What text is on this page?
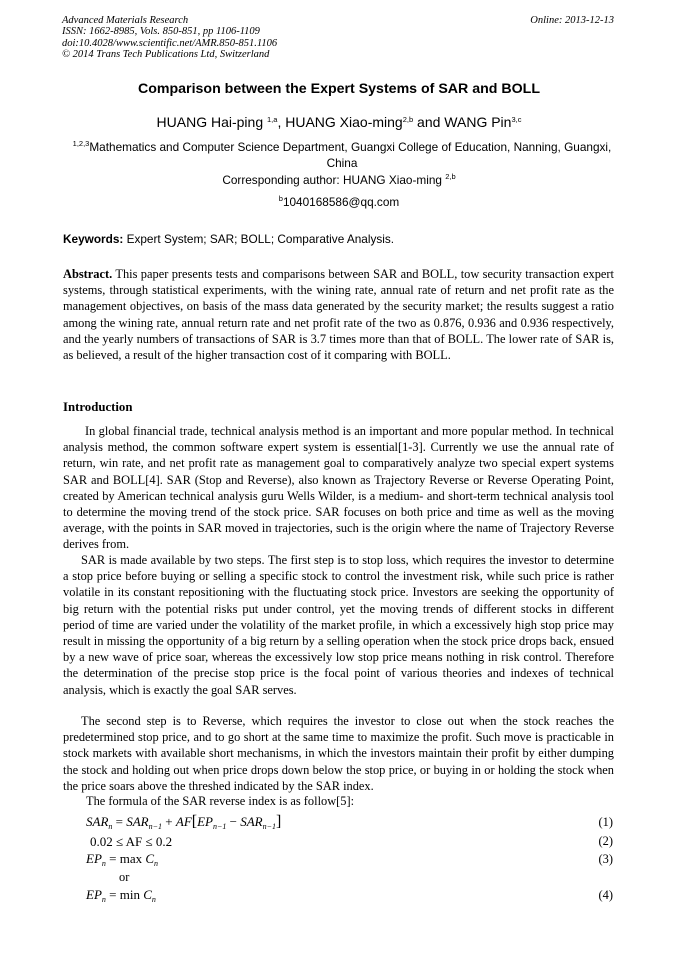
Advanced Materials Research
ISSN: 1662-8985, Vols. 850-851, pp 1106-1109
doi:10.4028/www.scientific.net/AMR.850-851.1106
© 2014 Trans Tech Publications Ltd, Switzerland
Online: 2013-12-13
Comparison between the Expert Systems of SAR and BOLL
HUANG Hai-ping $^{1,a}$, HUANG Xiao-ming$^{2,b}$ and WANG Pin$^{3,c}$
$^{1,2,3}$Mathematics and Computer Science Department, Guangxi College of Education, Nanning, Guangxi, China
Corresponding author: HUANG Xiao-ming $^{2,b}$
$^b$1040168586@qq.com
Keywords: Expert System; SAR; BOLL; Comparative Analysis.

Abstract. This paper presents tests and comparisons between SAR and BOLL, tow security transaction expert systems, through statistical experiments, with the wining rate, annual rate of return and net profit rate as the management objectives, on basis of the mass data generated by the security market; the results suggest a ratio among the wining rate, annual return rate and net profit rate of the two as 0.876, 0.936 and 0.936 respectively, and the yearly numbers of transactions of SAR is 3.7 times more than that of BOLL. The lower rate of SAR is, as believed, a result of the higher transaction cost of it comparing with BOLL.

Introduction

In global financial trade, technical analysis method is an important and more popular method. In technical analysis method, the common software expert system is essential[1-3]. Currently we use the annual rate of return, win rate, and net profit rate as management goal to comparatively analyze two special expert systems SAR and BOLL[4]. SAR (Stop and Reverse), also known as Trajectory Reverse or Reverse Operating Point, created by American technical analysis guru Wells Wilder, is a medium- and short-term technical analysis tool to determine the moving trend of the stock price. SAR focuses on both price and time as well as the moving average, with the points in SAR moved in trajectories, such is the origin where the name of Trajectory Reverse derives from.

SAR is made available by two steps. The first step is to stop loss, which requires the investor to determine a stop price before buying or selling a specific stock to control the investment risk, while such price is rather volatile in its constant repositioning with the fluctuating stock price. Investors are seeking the opportunity of big return with the potential risks put under control, yet the moving trends of different stocks in different period of time are varied under the volatility of the market profile, in which a excessively high stop price may result in missing the opportunity of a big return by a selling operation when the stock price drops back, ensued by a new wave of price soar, whereas the excessively low stop price means nothing in risk control. Therefore the determination of the precise stop price is the focal point of various theories and indexes of technical analysis, which is exactly the goal SAR serves.

The second step is to Reverse, which requires the investor to close out when the stock reaches the predetermined stop price, and to go short at the same time to maximize the profit. Such move is practicable in stock markets with available short mechanisms, in which the investors maintain their profit by either dumping the stock and holding out when price drops down below the stop price, or buying in or holding the stock when the price soars above the threshed indicated by the SAR index.

The formula of the SAR reverse index is as follow[5]:
$SAR_n = SAR_{n-1} + AF[EP_{n-1} - SAR_{n-1}]$	(1)
0.02 ≤ AF ≤ 0.2	(2)
$EP_n = \max C_n$	(3)
or
$EP_n = \min C_n$	(4)
